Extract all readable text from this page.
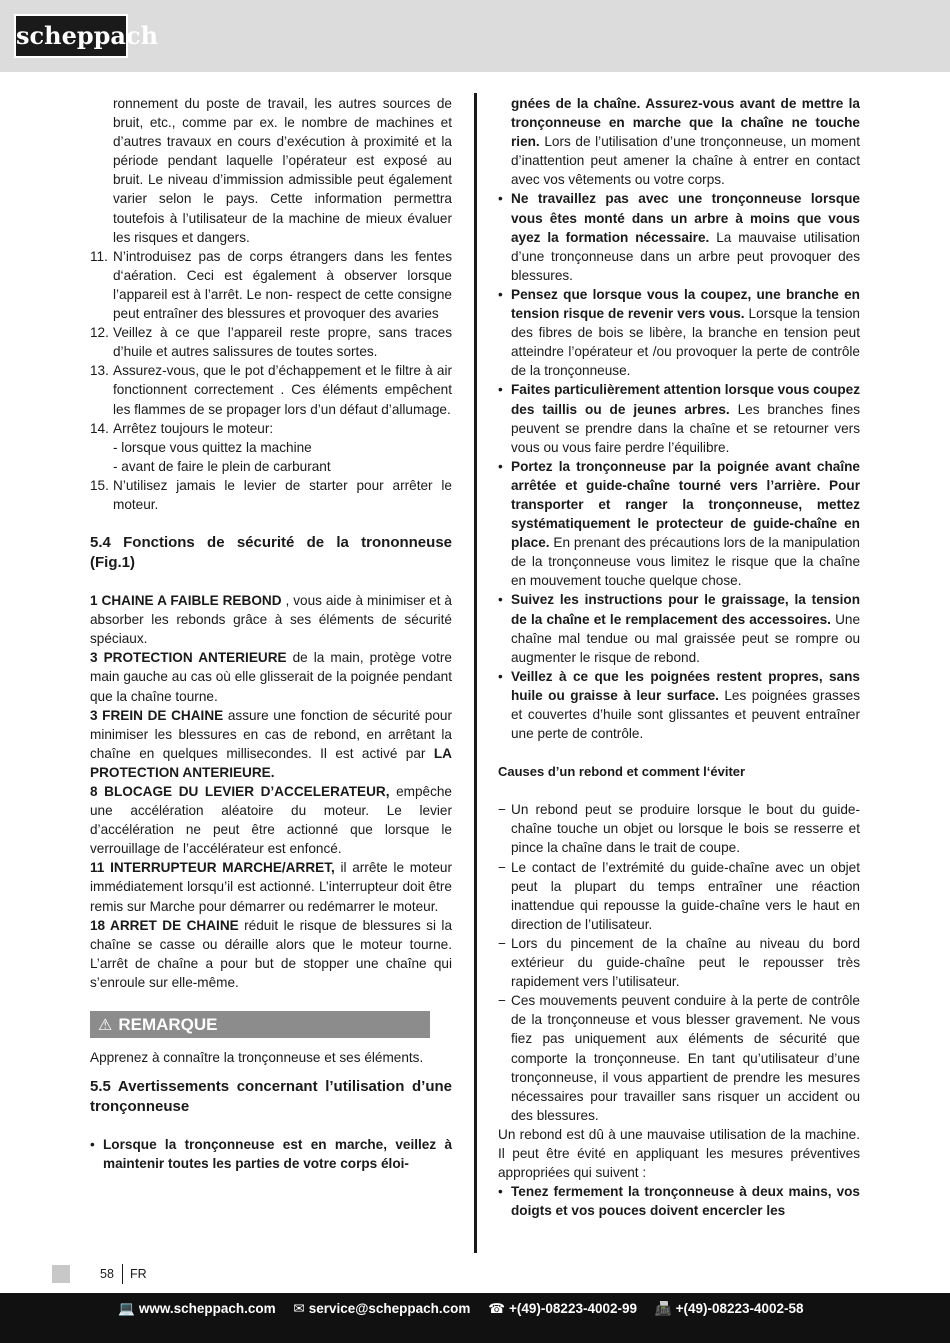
scheppach

ronnement du poste de travail, les autres sources de bruit, etc., comme par ex. le nombre de machines et d’autres travaux en cours d’exécution à proximité et la période pendant laquelle l’opérateur est exposé au bruit. Le niveau d’immission admissible peut également varier selon le pays. Cette information permettra toutefois à l’utilisateur de la machine de mieux évaluer les risques et dangers.

11. N’introduisez pas de corps étrangers dans les fentes d‘aération. Ceci est également à observer lorsque l’appareil est à l’arrêt. Le non- respect de cette consigne peut entraîner des blessures et provoquer des avaries
12. Veillez à ce que l’appareil reste propre, sans traces d’huile et autres salissures de toutes sortes.
13. Assurez-vous, que le pot d’échappement et le filtre à air fonctionnent correctement . Ces éléments empêchent les flammes de se propager lors d’un défaut d’allumage.
14. Arrêtez toujours le moteur:
- lorsque vous quittez la machine
- avant de faire le plein de carburant
15. N’utilisez jamais le levier de starter pour arrêter le moteur.

5.4 Fonctions de sécurité de la trononneuse (Fig.1)

1 CHAINE A FAIBLE REBOND , vous aide à minimiser et à absorber les rebonds grâce à ses éléments de sécurité spéciaux.

3 PROTECTION ANTERIEURE de la main, protège votre main gauche au cas où elle glisserait de la poignée pendant que la chaîne tourne.

3 FREIN DE CHAINE assure une fonction de sécurité pour minimiser les blessures en cas de rebond, en arrêtant la chaîne en quelques millisecondes. Il est activé par LA PROTECTION ANTERIEURE.

8 BLOCAGE DU LEVIER D’ACCELERATEUR, empêche une accélération aléatoire du moteur. Le levier d’accélération ne peut être actionné que lorsque le verrouillage de l’accélérateur est enfoncé.

11 INTERRUPTEUR MARCHE/ARRET, il arrête le moteur immédiatement lorsqu’il est actionné. L’interrupteur doit être remis sur Marche pour démarrer ou redémarrer le moteur.

18 ARRET DE CHAINE réduit le risque de blessures si la chaîne se casse ou déraille alors que le moteur tourne. L’arrêt de chaîne a pour but de stopper une chaîne qui s’enroule sur elle-même.

⚠ REMARQUE

Apprenez à connaître la tronçonneuse et ses éléments.

5.5 Avertissements concernant l’utilisation d’une tronçonneuse

• Lorsque la tronçonneuse est en marche, veillez à maintenir toutes les parties de votre corps éloi-

gnées de la chaîne. Assurez-vous avant de mettre la tronçonneuse en marche que la chaîne ne touche rien. Lors de l’utilisation d’une tronçonneuse, un moment d’inattention peut amener la chaîne à entrer en contact avec vos vêtements ou votre corps.

• Ne travaillez pas avec une tronçonneuse lorsque vous êtes monté dans un arbre à moins que vous ayez la formation nécessaire. La mauvaise utilisation d’une tronçonneuse dans un arbre peut provoquer des blessures.
• Pensez que lorsque vous la coupez, une branche en tension risque de revenir vers vous. Lorsque la tension des fibres de bois se libère, la branche en tension peut atteindre l’opérateur et /ou provoquer la perte de contrôle de la tronçonneuse.
• Faites particulièrement attention lorsque vous coupez des taillis ou de jeunes arbres. Les branches fines peuvent se prendre dans la chaîne et se retourner vers vous ou vous faire perdre l’équilibre.
• Portez la tronçonneuse par la poignée avant chaîne arrêtée et guide-chaîne tourné vers l’arrière. Pour transporter et ranger la tronçonneuse, mettez systématiquement le protecteur de guide-chaîne en place. En prenant des précautions lors de la manipulation de la tronçonneuse vous limitez le risque que la chaîne en mouvement touche quelque chose.
• Suivez les instructions pour le graissage, la tension de la chaîne et le remplacement des accessoires. Une chaîne mal tendue ou mal graissée peut se rompre ou augmenter le risque de rebond.
• Veillez à ce que les poignées restent propres, sans huile ou graisse à leur surface. Les poignées grasses et couvertes d’huile sont glissantes et peuvent entraîner une perte de contrôle.

Causes d’un rebond et comment l‘éviter

− Un rebond peut se produire lorsque le bout du guide-chaîne touche un objet ou lorsque le bois se resserre et pince la chaîne dans le trait de coupe.
− Le contact de l’extrémité du guide-chaîne avec un objet peut la plupart du temps entraîner une réaction inattendue qui repousse la guide-chaîne vers le haut en direction de l’utilisateur.
− Lors du pincement de la chaîne au niveau du bord extérieur du guide-chaîne peut le repousser très rapidement vers l’utilisateur.
− Ces mouvements peuvent conduire à la perte de contrôle de la tronçonneuse et vous blesser gravement. Ne vous fiez pas uniquement aux éléments de sécurité que comporte la tronçonneuse. En tant qu’utilisateur d’une tronçonneuse, il vous appartient de prendre les mesures nécessaires pour travailler sans risquer un accident ou des blessures.

Un rebond est dû à une mauvaise utilisation de la machine. Il peut être évité en appliquant les mesures préventives appropriées qui suivent :

• Tenez fermement la tronçonneuse à deux mains, vos doigts et vos pouces doivent encercler les
58 FR
💻 www.scheppach.com ✉ service@scheppach.com ☎ +(49)-08223-4002-99 📠 +(49)-08223-4002-58
